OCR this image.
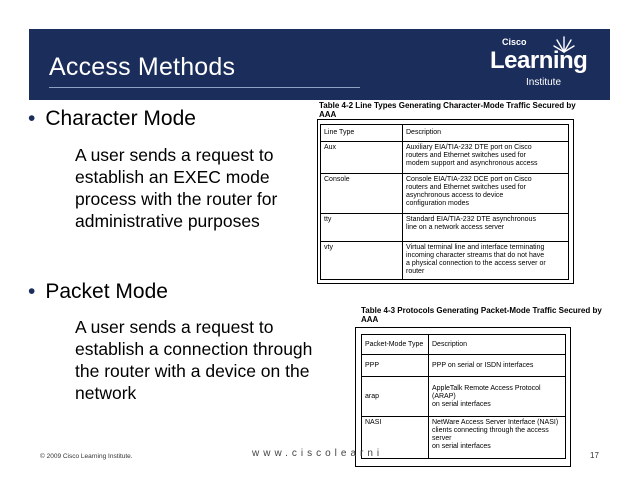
Access Methods
Cisco
Learning
Institute
• Character Mode
A user sends a request to
establish an EXEC mode
process with the router for
administrative purposes
• Packet Mode
A user sends a request to
establish a connection through
the router with a device on the
network
Table 4-2 Line Types Generating Character-Mode Traffic Secured by
AAA
Line Type	Description
Aux	Auxiliary EIA/TIA-232 DTE port on Cisco
routers and Ethernet switches used for
modem support and asynchronous access

Console	Console EIA/TIA-232 DCE port on Cisco
routers and Ethernet switches used for
asynchronous access to device
configuration modes

tty	Standard EIA/TIA-232 DTE asynchronous
line on a network access server

vty	Virtual terminal line and interface terminating
incoming character streams that do not have
a physical connection to the access server or
router
Table 4-3 Protocols Generating Packet-Mode Traffic Secured by
AAA
Packet-Mode Type	Description
PPP	PPP on serial or ISDN interfaces

arap	AppleTalk Remote Access Protocol (ARAP)
on serial interfaces

NASI	NetWare Access Server Interface (NASI)
clients connecting through the access server
on serial interfaces
© 2009 Cisco Learning Institute.	www.ciscolearni	17
